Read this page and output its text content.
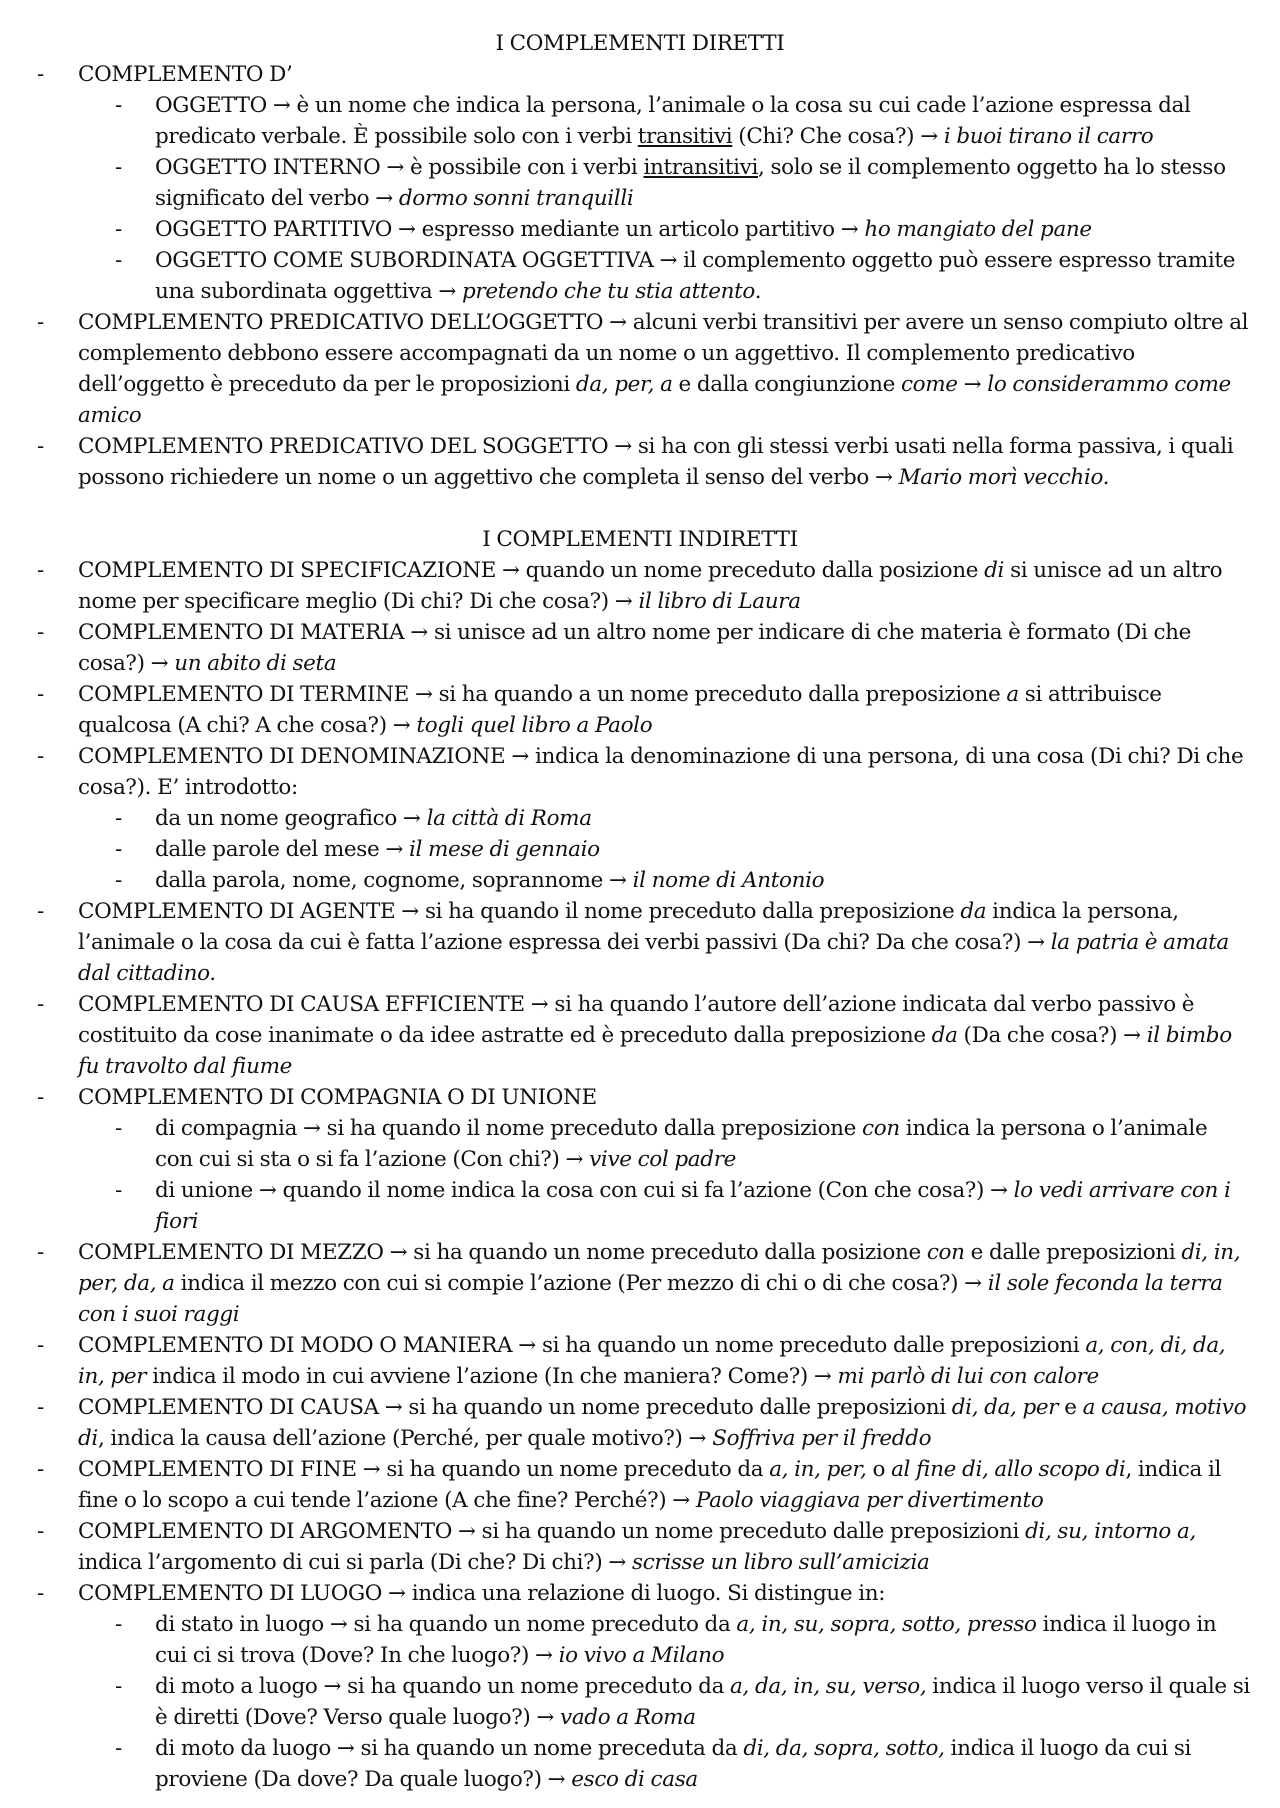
I COMPLEMENTI DIRETTI
- COMPLEMENTO D’
- OGGETTO → è un nome che indica la persona, l’animale o la cosa su cui cade l’azione espressa dal predicato verbale. È possibile solo con i verbi transitivi (Chi? Che cosa?) → i buoi tirano il carro
- OGGETTO INTERNO → è possibile con i verbi intransitivi, solo se il complemento oggetto ha lo stesso significato del verbo → dormo sonni tranquilli
- OGGETTO PARTITIVO → espresso mediante un articolo partitivo → ho mangiato del pane
- OGGETTO COME SUBORDINATA OGGETTIVA → il complemento oggetto può essere espresso tramite una subordinata oggettiva → pretendo che tu stia attento.
- COMPLEMENTO PREDICATIVO DELL’OGGETTO → alcuni verbi transitivi per avere un senso compiuto oltre al complemento debbono essere accompagnati da un nome o un aggettivo. Il complemento predicativo dell’oggetto è preceduto da per le proposizioni da, per, a e dalla congiunzione come → lo considerammo come amico
- COMPLEMENTO PREDICATIVO DEL SOGGETTO → si ha con gli stessi verbi usati nella forma passiva, i quali possono richiedere un nome o un aggettivo che completa il senso del verbo → Mario morì vecchio.
I COMPLEMENTI INDIRETTI
- COMPLEMENTO DI SPECIFICAZIONE → quando un nome preceduto dalla posizione di si unisce ad un altro nome per specificare meglio (Di chi? Di che cosa?) → il libro di Laura
- COMPLEMENTO DI MATERIA → si unisce ad un altro nome per indicare di che materia è formato (Di che cosa?) → un abito di seta
- COMPLEMENTO DI TERMINE → si ha quando a un nome preceduto dalla preposizione a si attribuisce qualcosa (A chi? A che cosa?) → togli quel libro a Paolo
- COMPLEMENTO DI DENOMINAZIONE → indica la denominazione di una persona, di una cosa (Di chi? Di che cosa?). E’ introdotto:
- da un nome geografico → la città di Roma
- dalle parole del mese → il mese di gennaio
- dalla parola, nome, cognome, soprannome → il nome di Antonio
- COMPLEMENTO DI AGENTE → si ha quando il nome preceduto dalla preposizione da indica la persona, l’animale o la cosa da cui è fatta l’azione espressa dei verbi passivi (Da chi? Da che cosa?) → la patria è amata dal cittadino.
- COMPLEMENTO DI CAUSA EFFICIENTE → si ha quando l’autore dell’azione indicata dal verbo passivo è costituito da cose inanimate o da idee astratte ed è preceduto dalla preposizione da (Da che cosa?) → il bimbo fu travolto dal fiume
- COMPLEMENTO DI COMPAGNIA O DI UNIONE
- di compagnia → si ha quando il nome preceduto dalla preposizione con indica la persona o l’animale con cui si sta o si fa l’azione (Con chi?) → vive col padre
- di unione → quando il nome indica la cosa con cui si fa l’azione (Con che cosa?) → lo vedi arrivare con i fiori
- COMPLEMENTO DI MEZZO → si ha quando un nome preceduto dalla posizione con e dalle preposizioni di, in, per, da, a indica il mezzo con cui si compie l’azione (Per mezzo di chi o di che cosa?) → il sole feconda la terra con i suoi raggi
- COMPLEMENTO DI MODO O MANIERA → si ha quando un nome preceduto dalle preposizioni a, con, di, da, in, per indica il modo in cui avviene l’azione (In che maniera? Come?) → mi parlò di lui con calore
- COMPLEMENTO DI CAUSA → si ha quando un nome preceduto dalle preposizioni di, da, per e a causa, motivo di, indica la causa dell’azione (Perché, per quale motivo?) → Soffriva per il freddo
- COMPLEMENTO DI FINE → si ha quando un nome preceduto da a, in, per, o al fine di, allo scopo di, indica il fine o lo scopo a cui tende l’azione (A che fine? Perché?) → Paolo viaggiava per divertimento
- COMPLEMENTO DI ARGOMENTO → si ha quando un nome preceduto dalle preposizioni di, su, intorno a, indica l’argomento di cui si parla (Di che? Di chi?) → scrisse un libro sull’amicizia
- COMPLEMENTO DI LUOGO → indica una relazione di luogo. Si distingue in:
- di stato in luogo → si ha quando un nome preceduto da a, in, su, sopra, sotto, presso indica il luogo in cui ci si trova (Dove? In che luogo?) → io vivo a Milano
- di moto a luogo → si ha quando un nome preceduto da a, da, in, su, verso, indica il luogo verso il quale si è diretti (Dove? Verso quale luogo?) → vado a Roma
- di moto da luogo → si ha quando un nome preceduta da di, da, sopra, sotto, indica il luogo da cui si proviene (Da dove? Da quale luogo?) → esco di casa
